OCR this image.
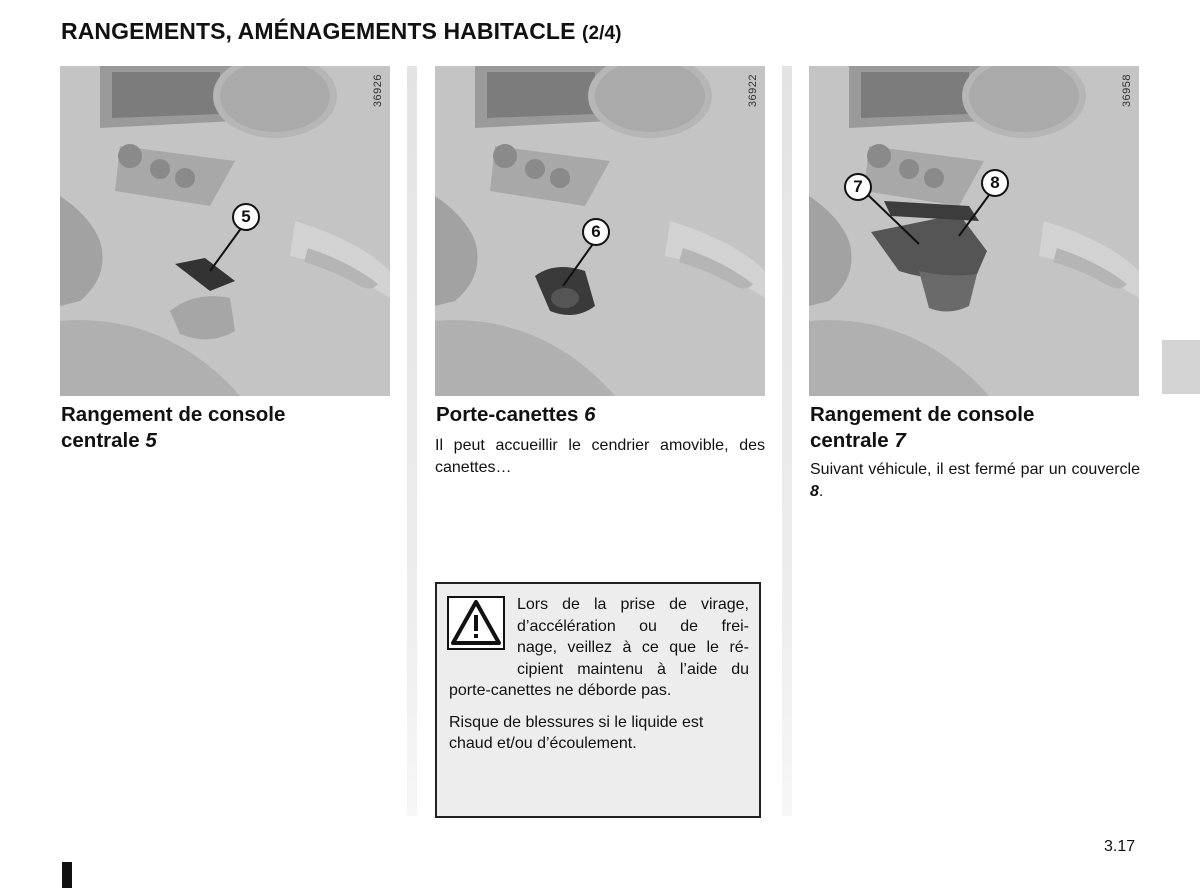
RANGEMENTS, AMÉNAGEMENTS HABITACLE (2/4)
36926
5
36922
6
36958
7	8
Rangement de console
centrale 5
Porte-canettes 6
Il peut accueillir le cendrier amovible, des canettes…
Rangement de console
centrale 7
Suivant véhicule, il est fermé par un couvercle 8.
Lors de la prise de virage,
d’accélération ou de frei-
nage, veillez à ce que le ré-
cipient maintenu à l’aide du
porte-canettes ne déborde pas.
Risque de blessures si le liquide est chaud et/ou d’écoulement.
3.17
